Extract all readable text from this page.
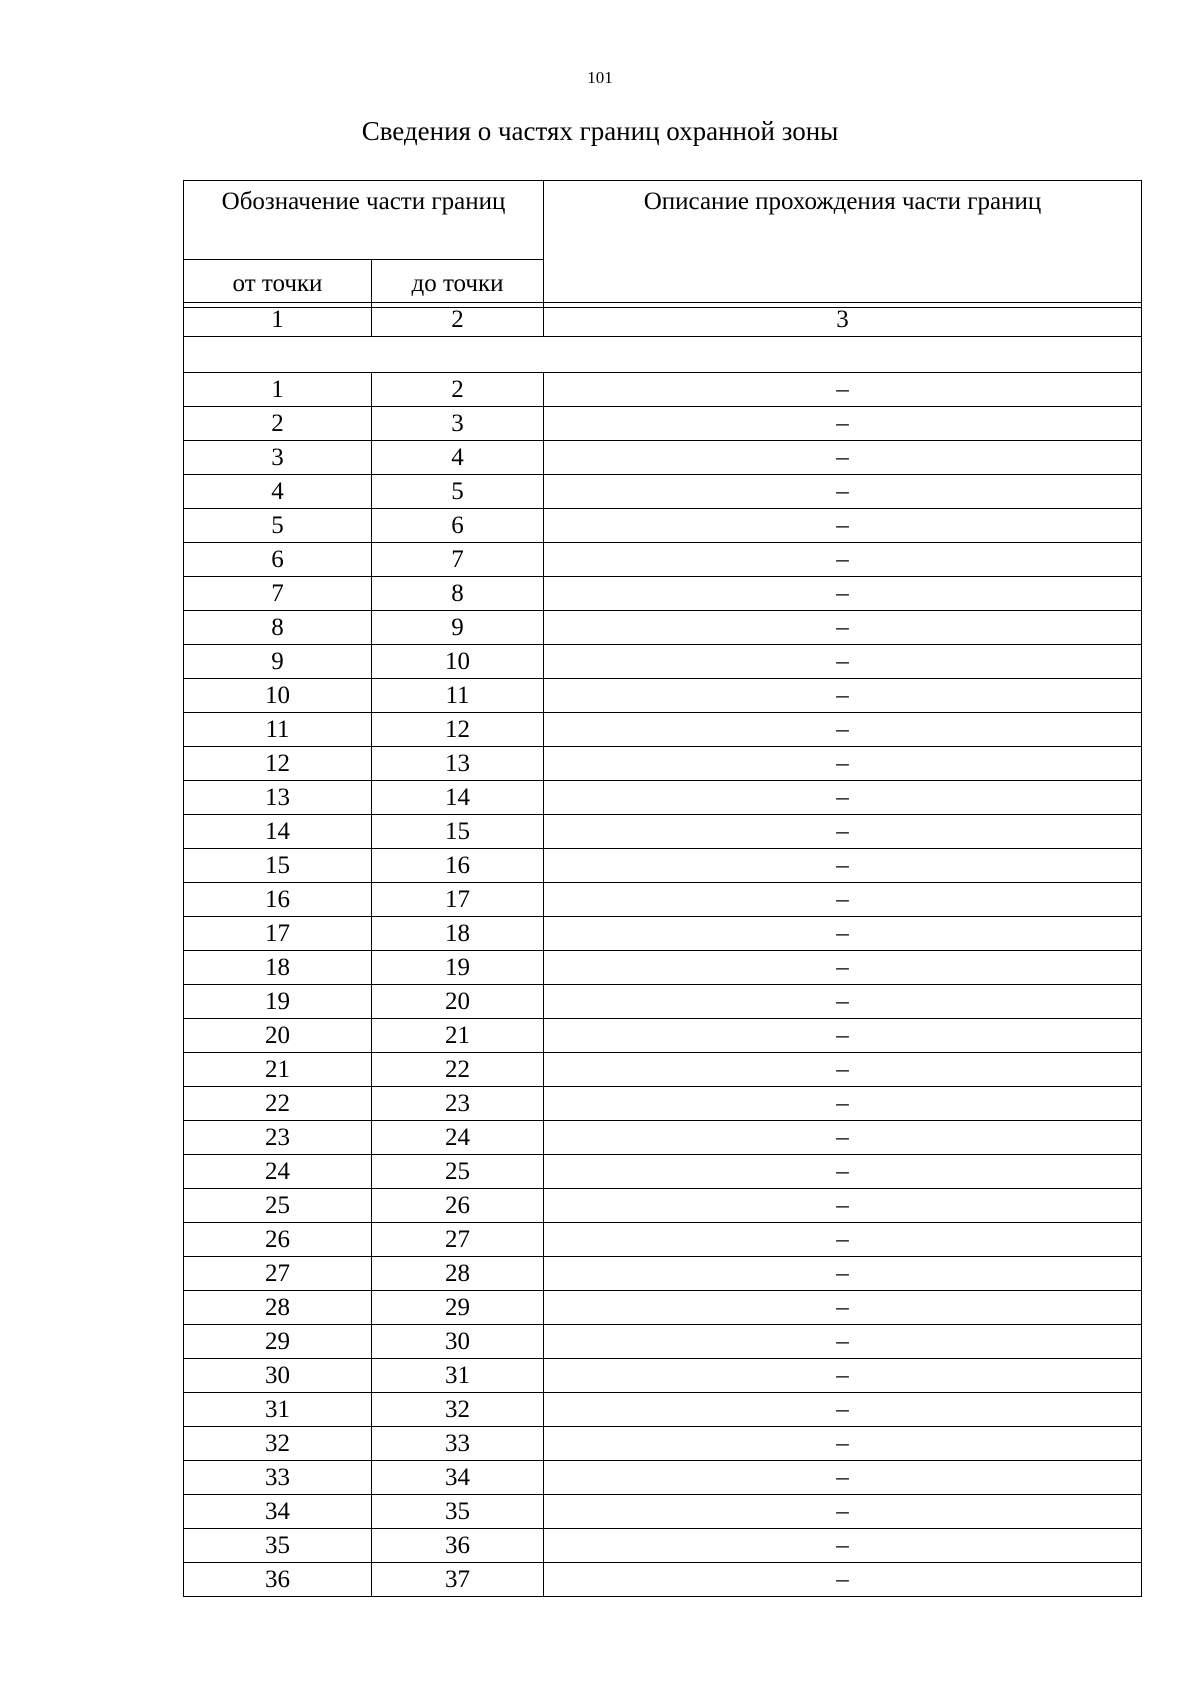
101
Сведения о частях границ охранной зоны
Обозначение части границ		Описание прохождения части границ
от точки	до точки	
1	2	3

1	2	–
2	3	–
3	4	–
4	5	–
5	6	–
6	7	–
7	8	–
8	9	–
9	10	–
10	11	–
11	12	–
12	13	–
13	14	–
14	15	–
15	16	–
16	17	–
17	18	–
18	19	–
19	20	–
20	21	–
21	22	–
22	23	–
23	24	–
24	25	–
25	26	–
26	27	–
27	28	–
28	29	–
29	30	–
30	31	–
31	32	–
32	33	–
33	34	–
34	35	–
35	36	–
36	37	–
